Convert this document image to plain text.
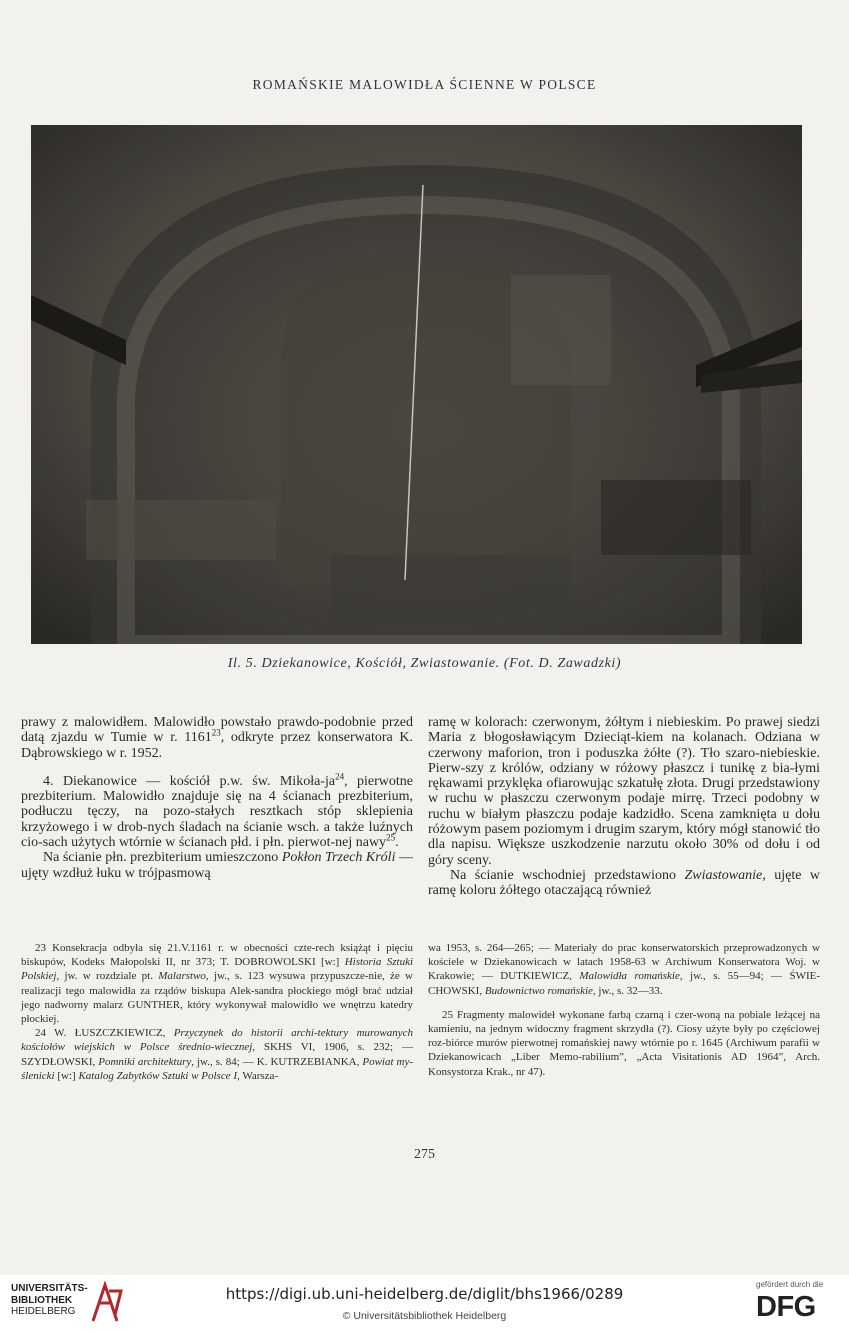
ROMAŃSKIE MALOWIDŁA ŚCIENNE W POLSCE
Il. 5. Dziekanowice, Kościół, Zwiastowanie. (Fot. D. Zawadzki)

prawy z malowidłem. Malowidło powstało prawdo-podobnie przed datą zjazdu w Tumie w r. 1161$^{23}$, odkryte przez konserwatora K. Dąbrowskiego w r. 1952.

4. Diekanowice — kościół p.w. św. Mikoła-$ja^{24}$, pierwotne prezbiterium. Malowidło znajduje się na 4 ścianach prezbiterium, podłuczu tęczy, na pozo-stałych resztkach stóp sklepienia krzyżowego i w drob-nych śladach na ścianie wsch. a także luźnych cio-sach użytych wtórnie w ścianach płd. i płn. pierwot-nej nawy$^{25}$.

Na ścianie płn. prezbiterium umieszczono Pokłon Trzech Króli — ujęty wzdłuż łuku w trójpasmową

ramę w kolorach: czerwonym, żółtym i niebieskim. Po prawej siedzi Maria z błogosławiącym Dzieciąt-kiem na kolanach. Odziana w czerwony maforion, tron i poduszka żółte (?). Tło szaro-niebieskie. Pierw-szy z królów, odziany w różowy płaszcz i tunikę z bia-łymi rękawami przyklęka ofiarowując szkatułę złota. Drugi przedstawiony w ruchu w płaszczu czerwonym podaje mirrę. Trzeci podobny w ruchu w białym płaszczu podaje kadzidło. Scena zamknięta u dołu różowym pasem poziomym i drugim szarym, który mógł stanowić tło dla napisu. Większe uszkodzenie narzutu około 30% od dołu i od góry sceny.

Na ścianie wschodniej przedstawiono Zwiastowanie, ujęte w ramę koloru żółtego otaczającą również

23 Konsekracja odbyła się 21.V.1161 r. w obecności czte-rech książąt i pięciu biskupów, Kodeks Małopolski II, nr 373; T. DOBROWOLSKI [w:] Historia Sztuki Polskiej, jw. w rozdziale pt. Malarstwo, jw., s. 123 wysuwa przypuszcze-nie, że w realizacji tego malowidła za rządów biskupa Alek-sandra płockiego mógł brać udział jego nadworny malarz GUNTHER, który wykonywał malowidło we wnętrzu katedry płockiej.

24 W. ŁUSZCZKIEWICZ, Przyczynek do historii archi-tektury murowanych kościołów wiejskich w Polsce średnio-wiecznej, SKHS VI, 1906, s. 232; — SZYDŁOWSKI, Pomniki architektury, jw., s. 84; — K. KUTRZEBIANKA, Powiat my-ślenicki [w:] Katalog Zabytków Sztuki w Polsce I, Warsza-

wa 1953, s. 264—265; — Materiały do prac konserwatorskich przeprowadzonych w kościele w Dziekanowicach w latach 1958-63 w Archiwum Konserwatora Woj. w Krakowie; — DUTKIEWICZ, Malowidła romańskie, jw., s. 55—94; — ŚWIE-CHOWSKI, Budownictwo romańskie, jw., s. 32—33.

25 Fragmenty malowideł wykonane farbą czarną i czer-woną na pobiale leżącej na kamieniu, na jednym widoczny fragment skrzydła (?). Ciosy użyte były po częściowej roz-biórce murów pierwotnej romańskiej nawy wtórnie po r. 1645 (Archiwum parafii w Dziekanowicach „Liber Memo-rabilium”, „Acta Visitationis AD 1964”, Arch. Konsystorza Krak., nr 47).

275
UNIVERSITÄTS-
BIBLIOTHEK
HEIDELBERG
https://digi.ub.uni-heidelberg.de/diglit/bhs1966/0289
© Universitätsbibliothek Heidelberg
gefördert durch die
DFG
